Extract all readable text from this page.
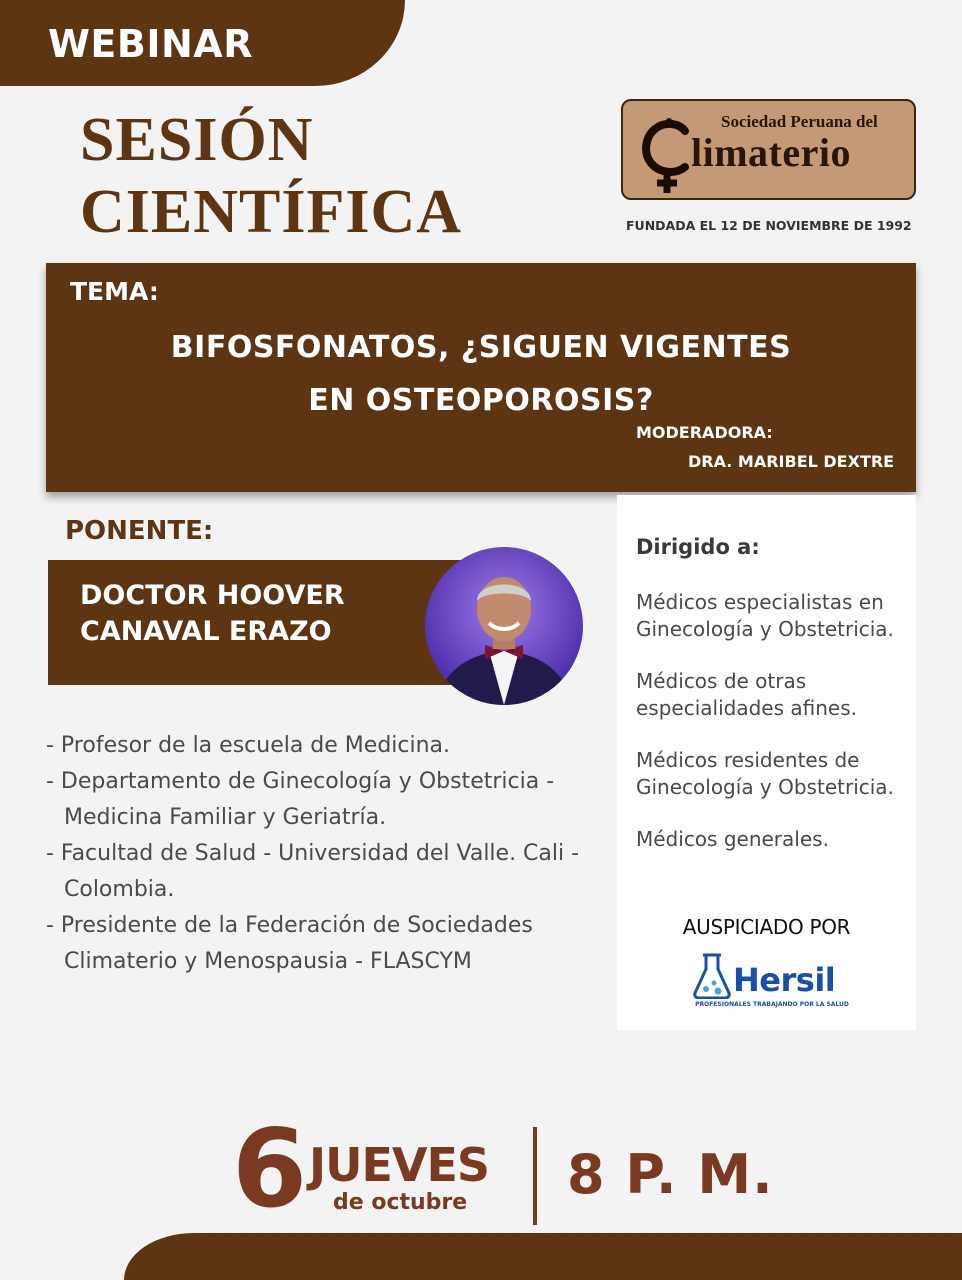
WEBINAR
SESIÓN
CIENTÍFICA
Sociedad Peruana del
limaterio
FUNDADA EL 12 DE NOVIEMBRE DE 1992
TEMA:
BIFOSFONATOS, ¿SIGUEN VIGENTES
EN OSTEOPOROSIS?
MODERADORA:
DRA. MARIBEL DEXTRE
PONENTE:
DOCTOR HOOVER
CANAVAL ERAZO
- Profesor de la escuela de Medicina.
- Departamento de Ginecología y Obstetricia - Medicina Familiar y Geriatría.
- Facultad de Salud - Universidad del Valle. Cali -Colombia.
- Presidente de la Federación de Sociedades Climaterio y Menospausia - FLASCYM
Dirigido a:
Médicos especialistas en Ginecología y Obstetricia.
Médicos de otras especialidades afines.
Médicos residentes de Ginecología y Obstetricia.
Médicos generales.
AUSPICIADO POR
Hersil
PROFESIONALES TRABAJANDO POR LA SALUD
6 JUEVES
de octubre 8 P. M.
